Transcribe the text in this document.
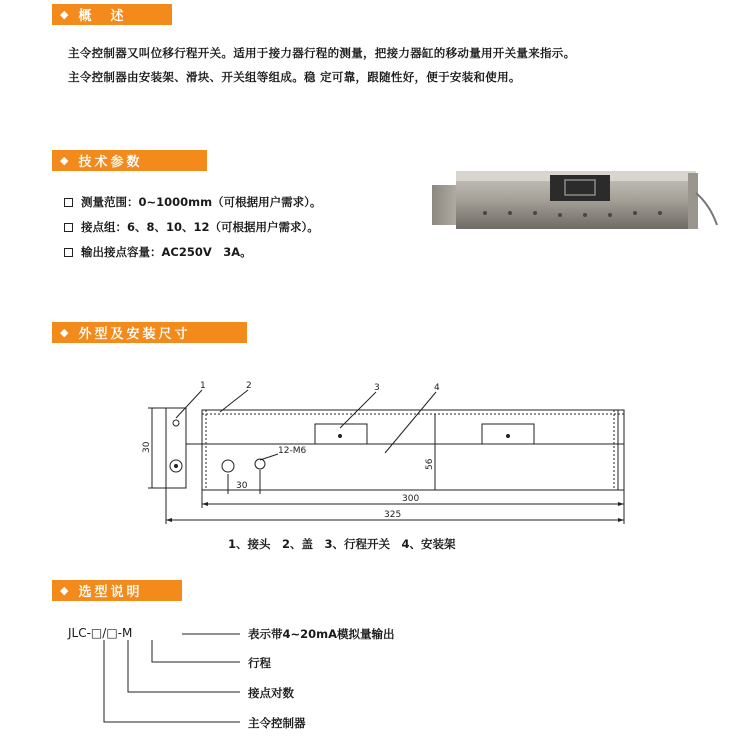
◆ 概　述
主令控制器又叫位移行程开关。适用于接力器行程的测量，把接力器缸的移动量用开关量来指示。
主令控制器由安装架、滑块、开关组等组成。稳 定可靠，跟随性好，便于安装和使用。
◆ 技术参数
测量范围：0~1000mm（可根据用户需求）。
接点组：6、8、10、12（可根据用户需求）。
输出接点容量：AC250V　3A。
◆ 外型及安装尺寸
1	2	3	4
12-M6
30
300
325
30
56
1、接头　2、盖　3、行程开关　4、安装架
◆ 选型说明
JLC-□/□-M	表示带4~20mA模拟量输出
行程
接点对数
主令控制器
